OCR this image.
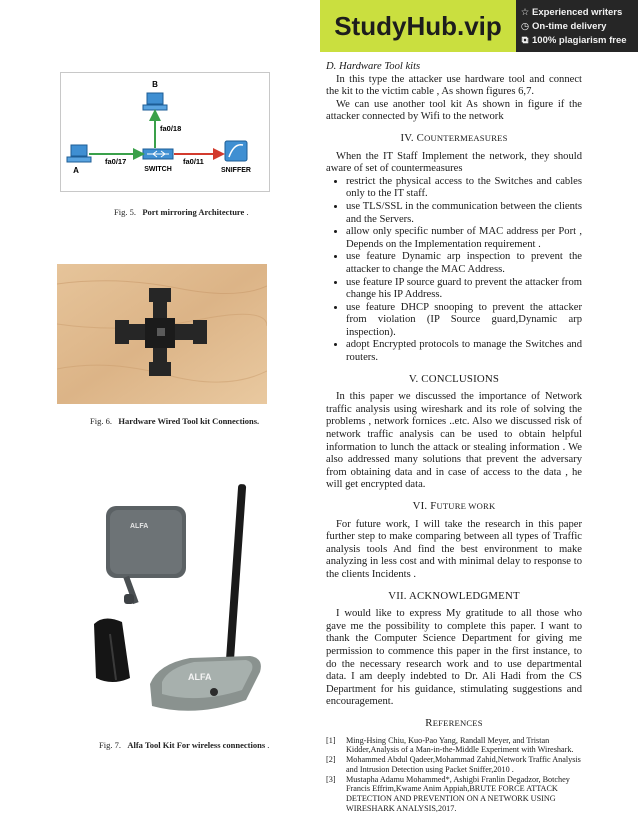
StudyHub.vip	☆ Experienced writers
◷ On-time delivery
⧉ 100% plagiarism free
B
A	SWITCH	SNIFFER
fa0/17
fa0/18
fa0/11
Fig. 5. Port mirroring Architecture .
Fig. 6. Hardware Wired Tool kit Connections.
ALFA
ALFA
Fig. 7. Alfa Tool Kit For wireless connections .

D. Hardware Tool kits

In this type the attacker use hardware tool and connect the kit to the victim cable , As shown figures 6,7.

We can use another tool kit As shown in figure if the attacker connected by Wifi to the network

IV. COUNTERMEASURES

When the IT Staff Implement the network, they should aware of set of countermeasures

• restrict the physical access to the Switches and cables only to the IT staff.
• use TLS/SSL in the communication between the clients and the Servers.
• allow only specific number of MAC address per Port , Depends on the Implementation requirement .
• use feature Dynamic arp inspection to prevent the attacker to change the MAC Address.
• use feature IP source guard to prevent the attacker from change his IP Address.
• use feature DHCP snooping to prevent the attacker from violation (IP Source guard,Dynamic arp inspection).
• adopt Encrypted protocols to manage the Switches and routers.

V. CONCLUSIONS

In this paper we discussed the importance of Network traffic analysis using wireshark and its role of solving the problems , network fornices ..etc. Also we discussed risk of network traffic analysis can be used to obtain helpful information to lunch the attack or stealing information . We also addressed many solutions that prevent the adversary from obtaining data and in case of access to the data , he will get encrypted data.

VI. FUTURE WORK

For future work, I will take the research in this paper further step to make comparing between all types of Traffic analysis tools And find the best environment to make analyzing in less cost and with minimal delay to response to the clients Incidents .

VII. ACKNOWLEDGMENT

I would like to express My gratitude to all those who gave me the possibility to complete this paper. I want to thank the Computer Science Department for giving me permission to commence this paper in the first instance, to do the necessary research work and to use departmental data. I am deeply indebted to Dr. Ali Hadi from the CS Department for his guidance, stimulating suggestions and encouragement.

REFERENCES

[1] Ming-Hsing Chiu, Kuo-Pao Yang, Randall Meyer, and Tristan Kidder,Analysis of a Man-in-the-Middle Experiment with Wireshark.

[2] Mohammed Abdul Qadeer,Mohammad Zahid,Network Traffic Analysis and Intrusion Detection using Packet Sniffer,2010 .

[3] Mustapha Adamu Mohammed*, Ashigbi Franlin Degadzor, Botchey Francis Effrim,Kwame Anim Appiah,BRUTE FORCE ATTACK DETECTION AND PREVENTION ON A NETWORK USING WIRESHARK ANALYSIS,2017.
